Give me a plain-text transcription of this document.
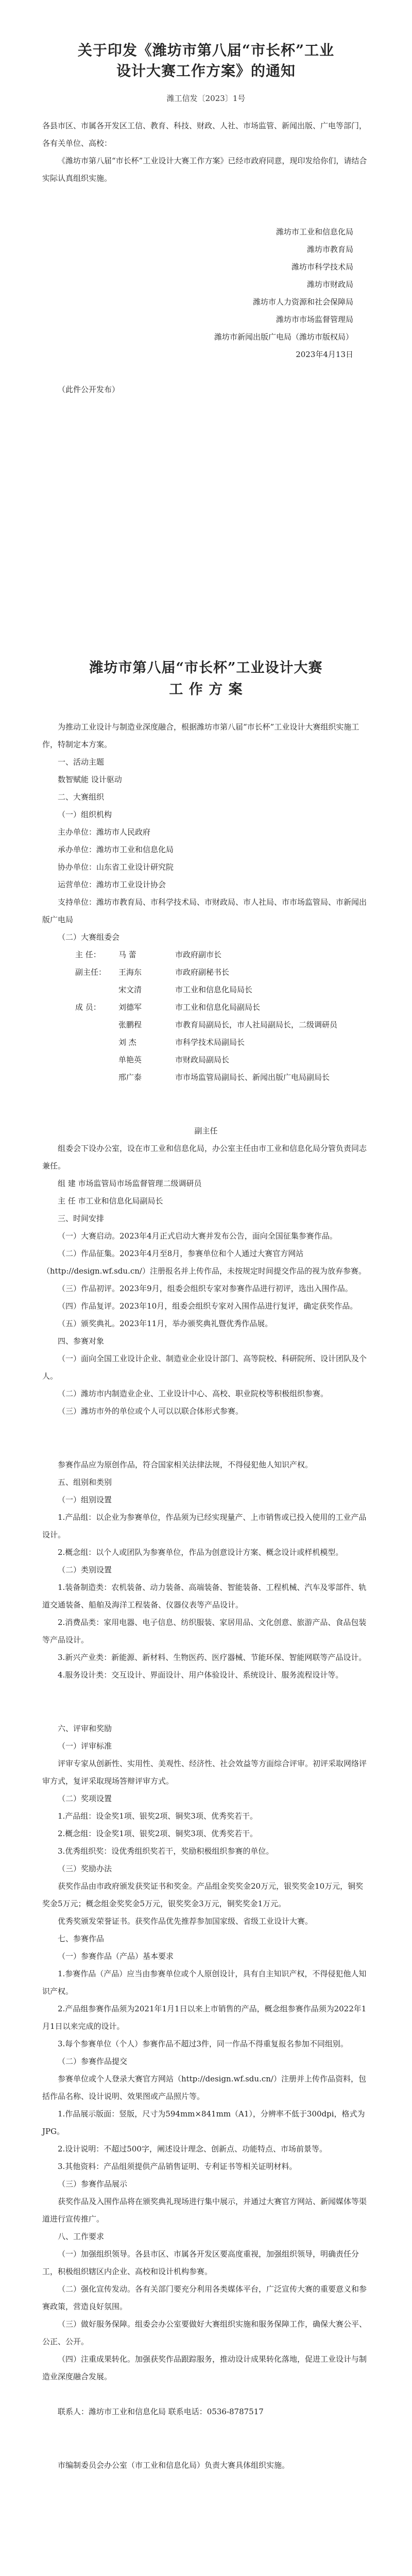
关于印发《潍坊市第八届“市长杯”工业
设计大赛工作方案》的通知
潍工信发〔2023〕1号

各县市区、市属各开发区工信、教育、科技、财政、人社、市场监管、新闻出版、广电等部门，各有关单位、高校：

《潍坊市第八届“市长杯”工业设计大赛工作方案》已经市政府同意，现印发给你们，请结合实际认真组织实施。

潍坊市工业和信息化局
潍坊市教育局
潍坊市科学技术局
潍坊市财政局
潍坊市人力资源和社会保障局
潍坊市市场监督管理局
潍坊市新闻出版广电局（潍坊市版权局）
2023年4月13日

（此件公开发布）

潍坊市第八届“市长杯”工业设计大赛
工 作 方 案

为推动工业设计与制造业深度融合，根据潍坊市第八届“市长杯”工业设计大赛组织实施工作，特制定本方案。

一、活动主题

数智赋能 设计驱动

二、大赛组织

（一）组织机构

主办单位：潍坊市人民政府

承办单位：潍坊市工业和信息化局

协办单位：山东省工业设计研究院

运营单位：潍坊市工业设计协会

支持单位：潍坊市教育局、市科学技术局、市财政局、市人社局、市市场监管局、市新闻出版广电局

（二）大赛组委会

主 任：	马 蕾	市政府副市长
副主任：	王海东	市政府副秘书长
宋文清	市工业和信息化局局长
成 员：	刘德军	市工业和信息化局副局长
张鹏程	市教育局副局长，市人社局副局长，二级调研员
刘 杰	市科学技术局副局长
单艳英	市财政局副局长
邢广泰	市市场监管局副局长、新闻出版广电局副局长

副主任

组委会下设办公室，设在市工业和信息化局，办公室主任由市工业和信息化局分管负责同志兼任。

组 建 市场监管局市场监督管理二级调研员

主 任 市工业和信息化局副局长

三、时间安排

（一）大赛启动。2023年4月正式启动大赛并发布公告，面向全国征集参赛作品。

（二）作品征集。2023年4月至8月，参赛单位和个人通过大赛官方网站（http://design.wf.sdu.cn/）注册报名并上传作品，未按规定时间提交作品的视为放弃参赛。

（三）作品初评。2023年9月，组委会组织专家对参赛作品进行初评，选出入围作品。

（四）作品复评。2023年10月，组委会组织专家对入围作品进行复评，确定获奖作品。

（五）颁奖典礼。2023年11月，举办颁奖典礼暨优秀作品展。

四、参赛对象

（一）面向全国工业设计企业、制造业企业设计部门、高等院校、科研院所、设计团队及个人。

（二）潍坊市内制造业企业、工业设计中心、高校、职业院校等积极组织参赛。

（三）潍坊市外的单位或个人可以以联合体形式参赛。

参赛作品应为原创作品，符合国家相关法律法规，不得侵犯他人知识产权。

五、组别和类别

（一）组别设置

1.产品组：以企业为参赛单位，作品须为已经实现量产、上市销售或已投入使用的工业产品设计。

2.概念组：以个人或团队为参赛单位，作品为创意设计方案、概念设计或样机模型。

（二）类别设置

1.装备制造类：农机装备、动力装备、高端装备、智能装备、工程机械、汽车及零部件、轨道交通装备、船舶及海洋工程装备、仪器仪表等产品设计。

2.消费品类：家用电器、电子信息、纺织服装、家居用品、文化创意、旅游产品、食品包装等产品设计。

3.新兴产业类：新能源、新材料、生物医药、医疗器械、节能环保、智能网联等产品设计。

4.服务设计类：交互设计、界面设计、用户体验设计、系统设计、服务流程设计等。

六、评审和奖励

（一）评审标准

评审专家从创新性、实用性、美观性、经济性、社会效益等方面综合评审。初评采取网络评审方式，复评采取现场答辩评审方式。

（二）奖项设置

1.产品组：设金奖1项、银奖2项、铜奖3项、优秀奖若干。

2.概念组：设金奖1项、银奖2项、铜奖3项、优秀奖若干。

3.优秀组织奖：设优秀组织奖若干，奖励积极组织参赛的单位。

（三）奖励办法

获奖作品由市政府颁发获奖证书和奖金。产品组金奖奖金20万元，银奖奖金10万元，铜奖奖金5万元；概念组金奖奖金5万元，银奖奖金3万元，铜奖奖金1万元。

优秀奖颁发荣誉证书。获奖作品优先推荐参加国家级、省级工业设计大赛。

七、参赛作品

（一）参赛作品（产品）基本要求

1.参赛作品（产品）应当由参赛单位或个人原创设计，具有自主知识产权，不得侵犯他人知识产权。

2.产品组参赛作品须为2021年1月1日以来上市销售的产品，概念组参赛作品须为2022年1月1日以来完成的设计。

3.每个参赛单位（个人）参赛作品不超过3件，同一作品不得重复报名参加不同组别。

（二）参赛作品提交

参赛单位或个人登录大赛官方网站（http://design.wf.sdu.cn/）注册并上传作品资料，包括作品名称、设计说明、效果图或产品照片等。

1.作品展示版面：竖版，尺寸为594mm×841mm（A1），分辨率不低于300dpi，格式为JPG。

2.设计说明：不超过500字，阐述设计理念、创新点、功能特点、市场前景等。

3.其他资料：产品组须提供产品销售证明、专利证书等相关证明材料。

（三）参赛作品展示

获奖作品及入围作品将在颁奖典礼现场进行集中展示，并通过大赛官方网站、新闻媒体等渠道进行宣传推广。

八、工作要求

（一）加强组织领导。各县市区、市属各开发区要高度重视，加强组织领导，明确责任分工，积极组织辖区内企业、高校和设计机构参赛。

（二）强化宣传发动。各有关部门要充分利用各类媒体平台，广泛宣传大赛的重要意义和参赛政策，营造良好氛围。

（三）做好服务保障。组委会办公室要做好大赛组织实施和服务保障工作，确保大赛公平、公正、公开。

（四）注重成果转化。加强获奖作品跟踪服务，推动设计成果转化落地，促进工业设计与制造业深度融合发展。

联系人：潍坊市工业和信息化局 联系电话：0536-8787517

市编制委员会办公室（市工业和信息化局）负责大赛具体组织实施。
